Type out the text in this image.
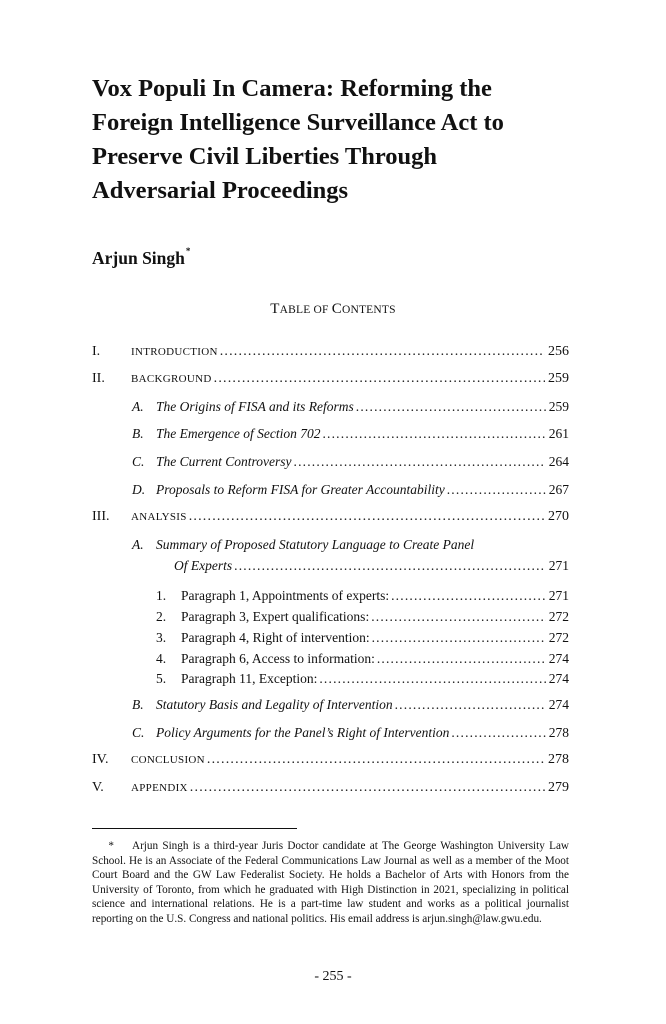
Vox Populi In Camera: Reforming the
Foreign Intelligence Surveillance Act to
Preserve Civil Liberties Through
Adversarial Proceedings

Arjun Singh*

TABLE OF CONTENTS

I.	INTRODUCTION .....	256
II. BACKGROUND .....	259
A. The Origins of FISA and its Reforms .....	259
B. The Emergence of Section 702 .....	261
C. The Current Controversy .....	264
D. Proposals to Reform FISA for Greater Accountability .....	267
III. ANALYSIS .....	270
A. Summary of Proposed Statutory Language to Create Panel
Of Experts .....	271
1. Paragraph 1, Appointments of experts: .....	271
2. Paragraph 3, Expert qualifications: .....	272
3. Paragraph 4, Right of intervention: .....	272
4. Paragraph 6, Access to information: .....	274
5. Paragraph 11, Exception: .....	274
B. Statutory Basis and Legality of Intervention .....	274
C. Policy Arguments for the Panel’s Right of Intervention .....	278
IV. CONCLUSION .....	278
V. APPENDIX .....	279

* Arjun Singh is a third-year Juris Doctor candidate at The George Washington University Law School. He is an Associate of the Federal Communications Law Journal as well as a member of the Moot Court Board and the GW Law Federalist Society. He holds a Bachelor of Arts with Honors from the University of Toronto, from which he graduated with High Distinction in 2021, specializing in political science and international relations. He is a part-time law student and works as a political journalist reporting on the U.S. Congress and national politics. His email address is arjun.singh@law.gwu.edu.

- 255 -
